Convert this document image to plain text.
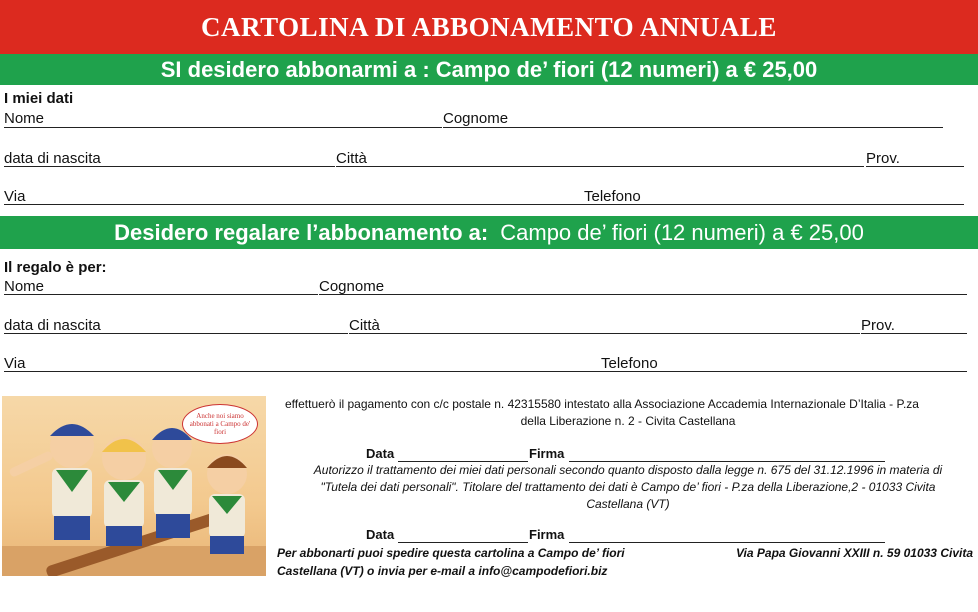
CARTOLINA DI ABBONAMENTO ANNUALE
SI desidero abbonarmi a : Campo de’ fiori (12 numeri) a € 25,00
I miei dati
Nome	Cognome
data di nascita	Città	Prov.
Via	Telefono
Desidero regalare l’abbonamento a: Campo de’ fiori (12 numeri) a € 25,00
Il regalo è per:
Nome	Cognome
data di nascita	Città	Prov.
Via	Telefono
Anche noi siamo abbonati a Campo de' fiori
effettuerò il pagamento con c/c postale n. 42315580 intestato alla Associazione Accademia Internazionale D’Italia - P.za
della Liberazione n. 2 - Civita Castellana
Data	Firma
Autorizzo il trattamento dei miei dati personali secondo quanto disposto dalla legge n. 675 del 31.12.1996 in materia di
"Tutela dei dati personali". Titolare del trattamento dei dati è Campo de’ fiori - P.za della Liberazione,2 - 01033 Civita
Castellana (VT)
Data	Firma
Per abbonarti puoi spedire questa cartolina a Campo de’ fiori	Via Papa Giovanni XXIII n. 59 01033 Civita
Castellana (VT) o invia per e-mail a info@campodefiori.biz
